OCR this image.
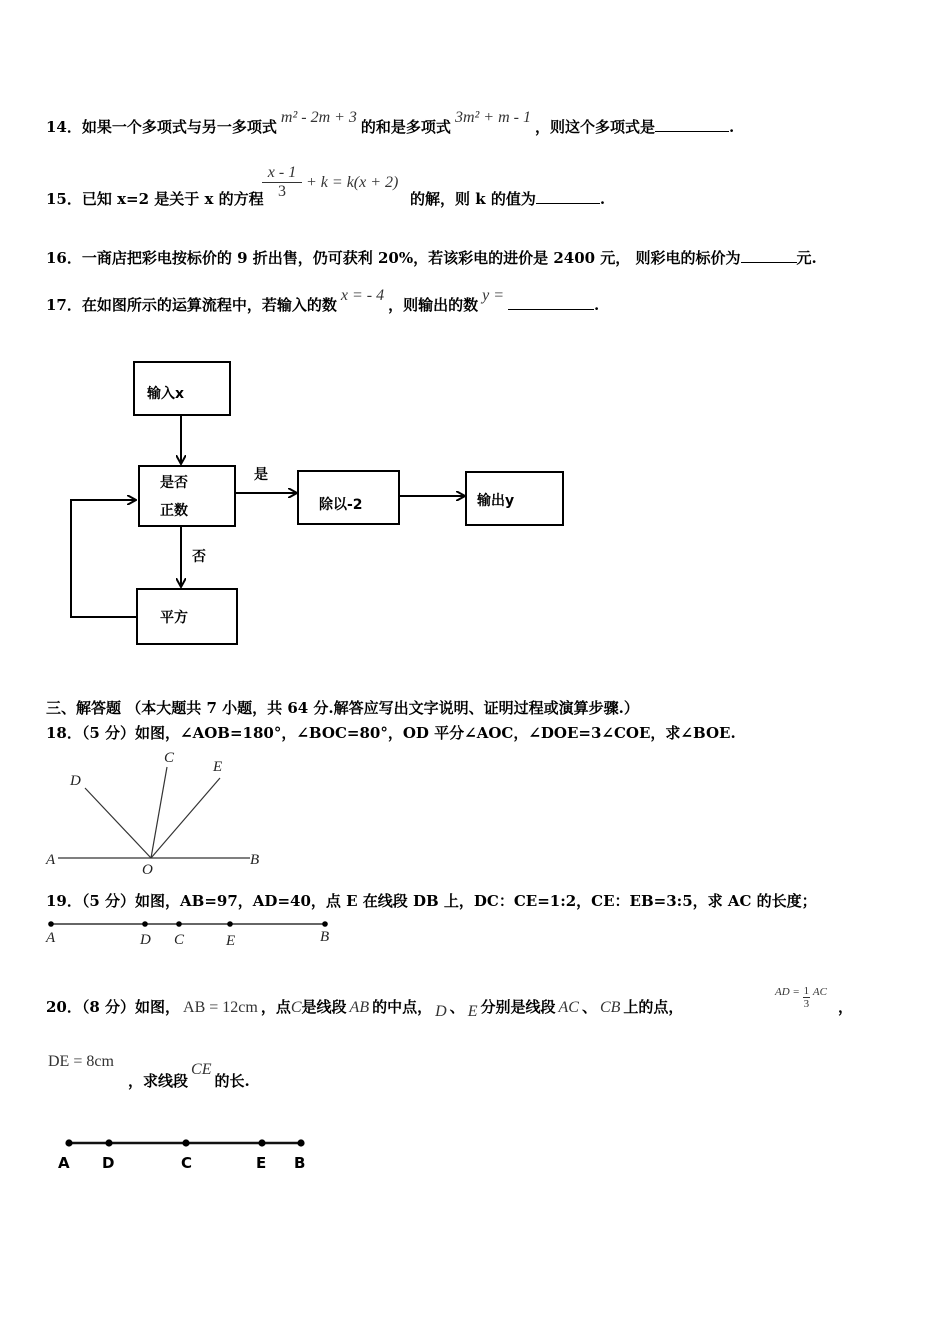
14．如果一个多项式与另一多项式m² - 2m + 3的和是多项式3m² + m - 1，则这个多项式是	.
15．已知 x=2 是关于 x 的方程
$\frac{x - 1}{3} + k = k(x + 2)$
的解，则 k 的值为	.
16．一商店把彩电按标价的 9 折出售，仍可获利 20%，若该彩电的进价是 2400 元， 则彩电的标价为	元.
17．在如图所示的运算流程中，若输入的数x = - 4，则输出的数y =.
输入x
是否
正数
是
否
除以-2	输出y
平方
三、解答题 （本大题共 7 小题，共 64 分.解答应写出文字说明、证明过程或演算步骤.）
18．（5 分）如图，∠AOB=180°，∠BOC=80°，OD 平分∠AOC，∠DOE=3∠COE，求∠BOE.
A
O
B
C
D
E
19．（5 分）如图，AB=97，AD=40，点 E 在线段 DB 上，DC：CE=1:2，CE：EB=3:5，求 AC 的长度；
A	D C	E	B
20．（8 分）如图， AB = 12cm ，点C是线段 AB 的中点， D 、 E 分别是线段 AC 、 CB 上的点，
AD = $\frac{1}{3}$ AC
，
DE = 8cm
，求线段CE的长.
A D	C	E B
